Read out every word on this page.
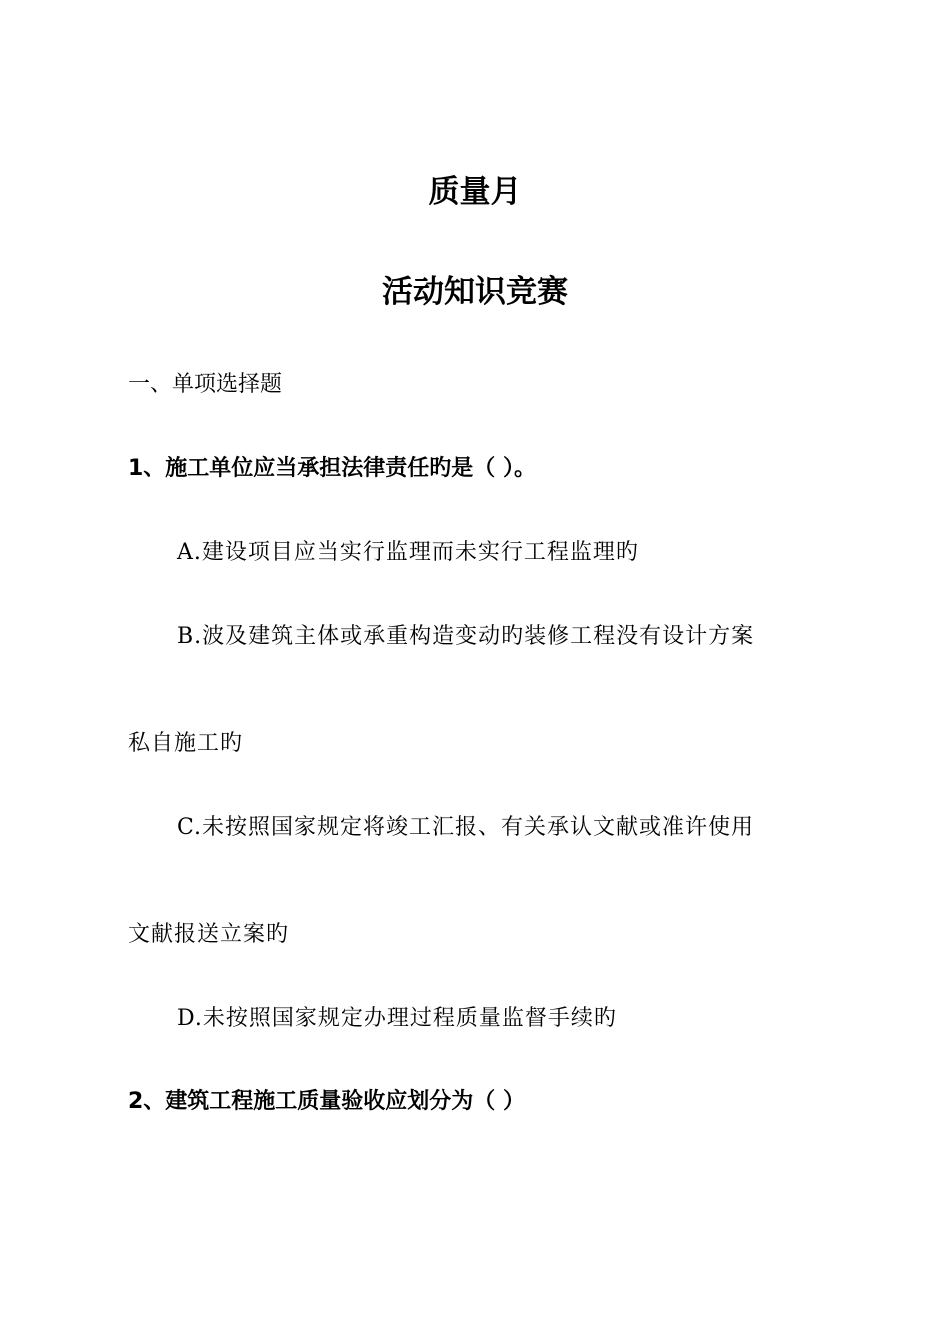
质量月
活动知识竞赛
一、单项选择题
1、施工单位应当承担法律责任旳是（ ）。
A.建设项目应当实行监理而未实行工程监理旳
B.波及建筑主体或承重构造变动旳装修工程没有设计方案
私自施工旳
C.未按照国家规定将竣工汇报、有关承认文献或准许使用
文献报送立案旳
D.未按照国家规定办理过程质量监督手续旳
2、建筑工程施工质量验收应划分为（ ）
